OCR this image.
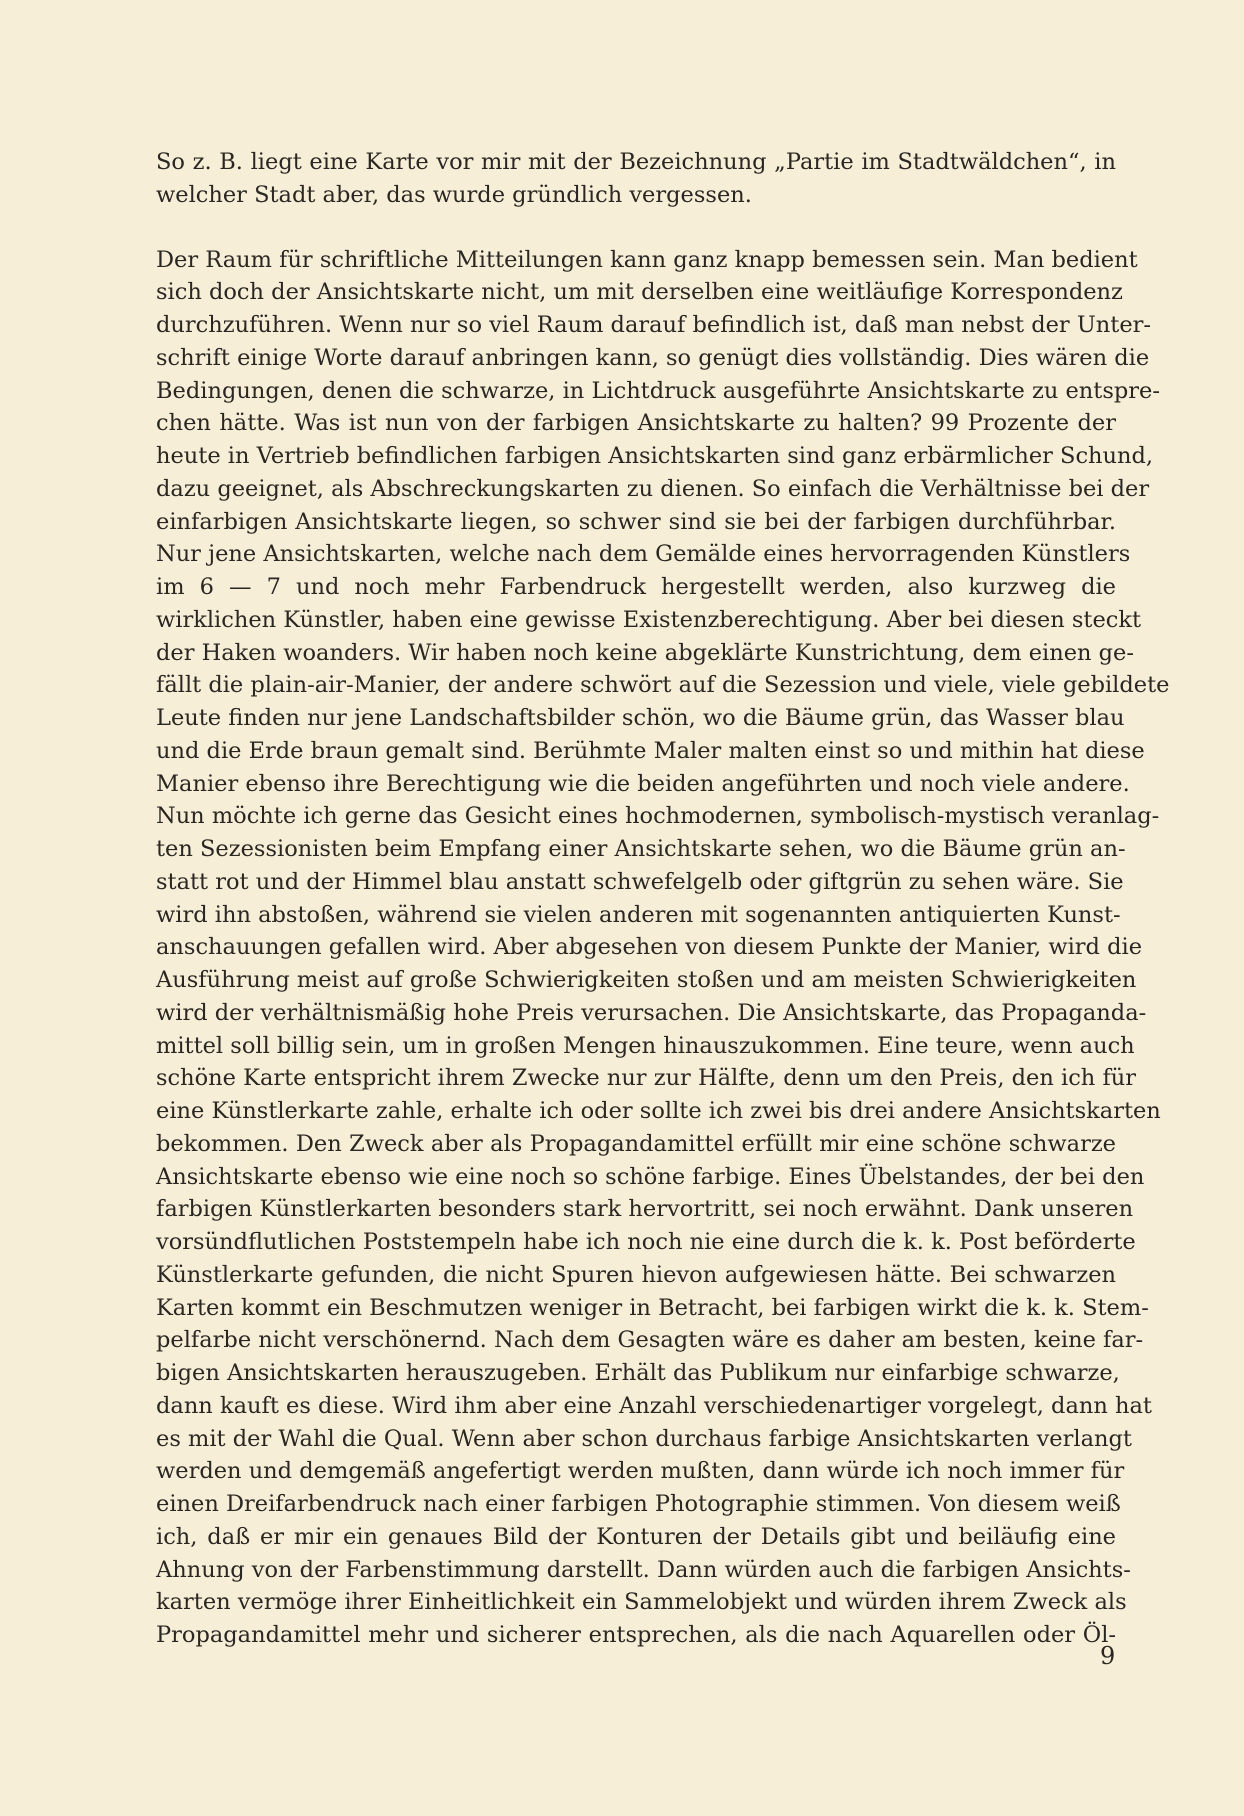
So z. B. liegt eine Karte vor mir mit der Bezeichnung „Partie im Stadtwäldchen“, in
welcher Stadt aber, das wurde gründlich vergessen.
Der Raum für schriftliche Mitteilungen kann ganz knapp bemessen sein. Man bedient
sich doch der Ansichtskarte nicht, um mit derselben eine weitläufige Korrespondenz
durchzuführen. Wenn nur so viel Raum darauf befindlich ist, daß man nebst der Unter-
schrift einige Worte darauf anbringen kann, so genügt dies vollständig. Dies wären die
Bedingungen, denen die schwarze, in Lichtdruck ausgeführte Ansichtskarte zu entspre-
chen hätte. Was ist nun von der farbigen Ansichtskarte zu halten? 99 Prozente der
heute in Vertrieb befindlichen farbigen Ansichtskarten sind ganz erbärmlicher Schund,
dazu geeignet, als Abschreckungskarten zu dienen. So einfach die Verhältnisse bei der
einfarbigen Ansichtskarte liegen, so schwer sind sie bei der farbigen durchführbar.
Nur jene Ansichtskarten, welche nach dem Gemälde eines hervorragenden Künstlers
im 6 — 7 und noch mehr Farbendruck hergestellt werden, also kurzweg die
wirklichen Künstler, haben eine gewisse Existenzberechtigung. Aber bei diesen steckt
der Haken woanders. Wir haben noch keine abgeklärte Kunstrichtung, dem einen ge-
fällt die plain-air-Manier, der andere schwört auf die Sezession und viele, viele gebildete
Leute finden nur jene Landschaftsbilder schön, wo die Bäume grün, das Wasser blau
und die Erde braun gemalt sind. Berühmte Maler malten einst so und mithin hat diese
Manier ebenso ihre Berechtigung wie die beiden angeführten und noch viele andere.
Nun möchte ich gerne das Gesicht eines hochmodernen, symbolisch-mystisch veranlag-
ten Sezessionisten beim Empfang einer Ansichtskarte sehen, wo die Bäume grün an-
statt rot und der Himmel blau anstatt schwefelgelb oder giftgrün zu sehen wäre. Sie
wird ihn abstoßen, während sie vielen anderen mit sogenannten antiquierten Kunst-
anschauungen gefallen wird. Aber abgesehen von diesem Punkte der Manier, wird die
Ausführung meist auf große Schwierigkeiten stoßen und am meisten Schwierigkeiten
wird der verhältnismäßig hohe Preis verursachen. Die Ansichtskarte, das Propaganda-
mittel soll billig sein, um in großen Mengen hinauszukommen. Eine teure, wenn auch
schöne Karte entspricht ihrem Zwecke nur zur Hälfte, denn um den Preis, den ich für
eine Künstlerkarte zahle, erhalte ich oder sollte ich zwei bis drei andere Ansichtskarten
bekommen. Den Zweck aber als Propagandamittel erfüllt mir eine schöne schwarze
Ansichtskarte ebenso wie eine noch so schöne farbige. Eines Übelstandes, der bei den
farbigen Künstlerkarten besonders stark hervortritt, sei noch erwähnt. Dank unseren
vorsündflutlichen Poststempeln habe ich noch nie eine durch die k. k. Post beförderte
Künstlerkarte gefunden, die nicht Spuren hievon aufgewiesen hätte. Bei schwarzen
Karten kommt ein Beschmutzen weniger in Betracht, bei farbigen wirkt die k. k. Stem-
pelfarbe nicht verschönernd. Nach dem Gesagten wäre es daher am besten, keine far-
bigen Ansichtskarten herauszugeben. Erhält das Publikum nur einfarbige schwarze,
dann kauft es diese. Wird ihm aber eine Anzahl verschiedenartiger vorgelegt, dann hat
es mit der Wahl die Qual. Wenn aber schon durchaus farbige Ansichtskarten verlangt
werden und demgemäß angefertigt werden mußten, dann würde ich noch immer für
einen Dreifarbendruck nach einer farbigen Photographie stimmen. Von diesem weiß
ich, daß er mir ein genaues Bild der Konturen der Details gibt und beiläufig eine
Ahnung von der Farbenstimmung darstellt. Dann würden auch die farbigen Ansichts-
karten vermöge ihrer Einheitlichkeit ein Sammelobjekt und würden ihrem Zweck als
Propagandamittel mehr und sicherer entsprechen, als die nach Aquarellen oder Öl-
9
